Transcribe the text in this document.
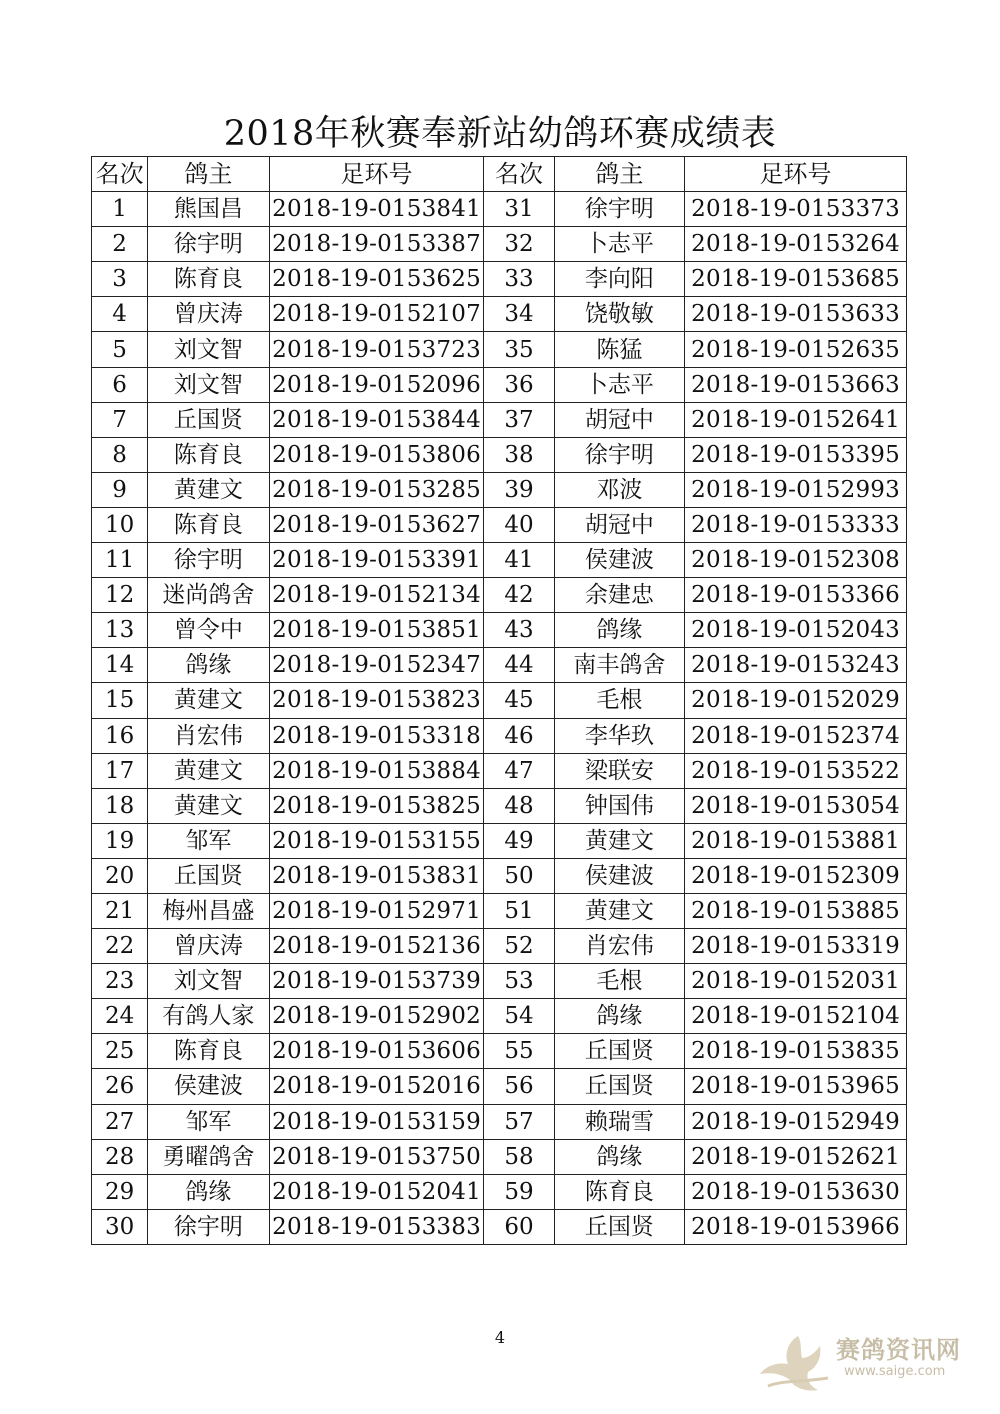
2018年秋赛奉新站幼鸽环赛成绩表
名次	鸽主	足环号	名次	鸽主	足环号
1	熊国昌	2018-19-0153841	31	徐宇明	2018-19-0153373
2	徐宇明	2018-19-0153387	32	卜志平	2018-19-0153264
3	陈育良	2018-19-0153625	33	李向阳	2018-19-0153685
4	曾庆涛	2018-19-0152107	34	饶敬敏	2018-19-0153633
5	刘文智	2018-19-0153723	35	陈猛	2018-19-0152635
6	刘文智	2018-19-0152096	36	卜志平	2018-19-0153663
7	丘国贤	2018-19-0153844	37	胡冠中	2018-19-0152641
8	陈育良	2018-19-0153806	38	徐宇明	2018-19-0153395
9	黄建文	2018-19-0153285	39	邓波	2018-19-0152993
10	陈育良	2018-19-0153627	40	胡冠中	2018-19-0153333
11	徐宇明	2018-19-0153391	41	侯建波	2018-19-0152308
12	迷尚鸽舍	2018-19-0152134	42	余建忠	2018-19-0153366
13	曾令中	2018-19-0153851	43	鸽缘	2018-19-0152043
14	鸽缘	2018-19-0152347	44	南丰鸽舍	2018-19-0153243
15	黄建文	2018-19-0153823	45	毛根	2018-19-0152029
16	肖宏伟	2018-19-0153318	46	李华玖	2018-19-0152374
17	黄建文	2018-19-0153884	47	梁联安	2018-19-0153522
18	黄建文	2018-19-0153825	48	钟国伟	2018-19-0153054
19	邹军	2018-19-0153155	49	黄建文	2018-19-0153881
20	丘国贤	2018-19-0153831	50	侯建波	2018-19-0152309
21	梅州昌盛	2018-19-0152971	51	黄建文	2018-19-0153885
22	曾庆涛	2018-19-0152136	52	肖宏伟	2018-19-0153319
23	刘文智	2018-19-0153739	53	毛根	2018-19-0152031
24	有鸽人家	2018-19-0152902	54	鸽缘	2018-19-0152104
25	陈育良	2018-19-0153606	55	丘国贤	2018-19-0153835
26	侯建波	2018-19-0152016	56	丘国贤	2018-19-0153965
27	邹军	2018-19-0153159	57	赖瑞雪	2018-19-0152949
28	勇曜鸽舍	2018-19-0153750	58	鸽缘	2018-19-0152621
29	鸽缘	2018-19-0152041	59	陈育良	2018-19-0153630
30	徐宇明	2018-19-0153383	60	丘国贤	2018-19-0153966
4	赛鸽资讯网
www.saige.com
